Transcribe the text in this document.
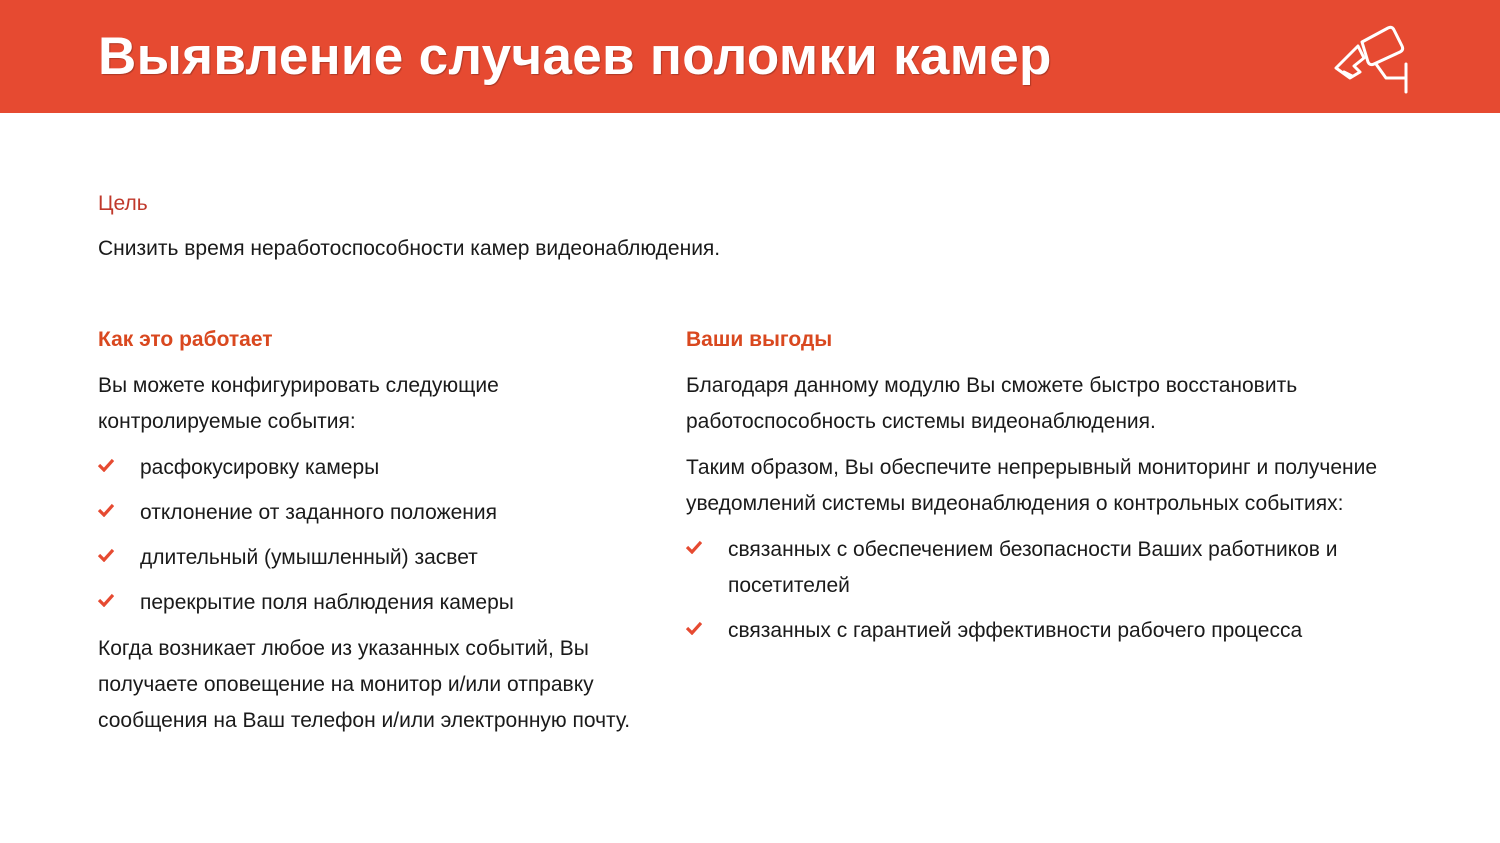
Выявление случаев поломки камер
Цель
Снизить время неработоспособности камер видеонаблюдения.
Как это работает
Вы можете конфигурировать следующие контролируемые события:
расфокусировку камеры
отклонение от заданного положения
длительный (умышленный) засвет
перекрытие поля наблюдения камеры
Когда возникает любое из указанных событий, Вы получаете оповещение на монитор и/или отправку сообщения на Ваш телефон и/или электронную почту.
Ваши выгоды
Благодаря данному модулю Вы сможете быстро восстановить работоспособность системы видеонаблюдения.
Таким образом, Вы обеспечите непрерывный мониторинг и получение уведомлений системы видеонаблюдения о контрольных событиях:
связанных с обеспечением безопасности Ваших работников и посетителей
связанных с гарантией эффективности рабочего процесса
